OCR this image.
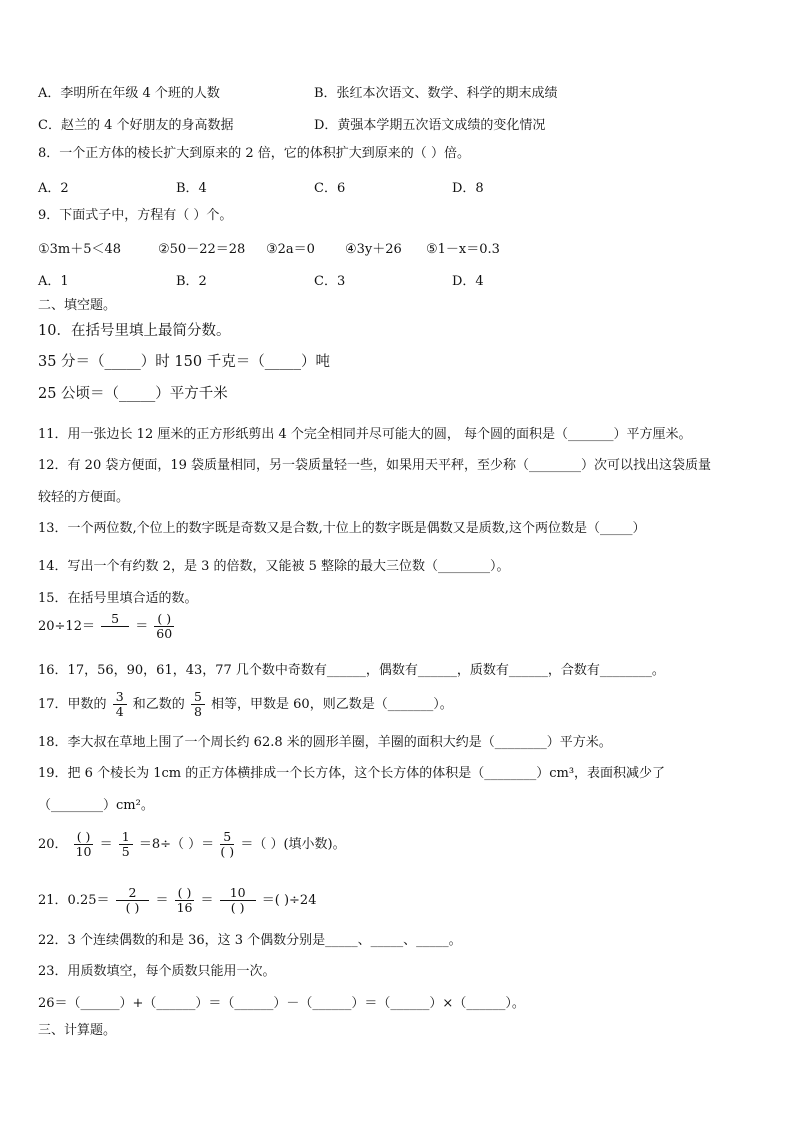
A．李明所在年级 4 个班的人数	B．张红本次语文、数学、科学的期末成绩
C．赵兰的 4 个好朋友的身高数据	D．黄强本学期五次语文成绩的变化情况
8．一个正方体的棱长扩大到原来的 2 倍，它的体积扩大到原来的（ ）倍。
A．2	B．4	C．6	D．8
9．下面式子中，方程有（ ）个。
①3m＋5＜48	②50－22＝28 ③2a＝0 ④3y＋26 ⑤1－x＝0.3
A．1	B．2	C．3	D．4
二、填空题。
10．在括号里填上最简分数。
35 分＝（_____）时 150 千克＝（_____）吨
25 公顷＝（_____）平方千米
11．用一张边长 12 厘米的正方形纸剪出 4 个完全相同并尽可能大的圆， 每个圆的面积是（_______）平方厘米。
12．有 20 袋方便面，19 袋质量相同，另一袋质量轻一些，如果用天平秤，至少称（________）次可以找出这袋质量
较轻的方便面。
13．一个两位数,个位上的数字既是奇数又是合数,十位上的数字既是偶数又是质数,这个两位数是（_____）
14．写出一个有约数 2，是 3 的倍数，又能被 5 整除的最大三位数（________）。
15．在括号里填合适的数。
20÷12＝
5

＝ $\frac{( )}{60}$
16．17，56，90，61，43，77 几个数中奇数有______，偶数有______，质数有______，合数有________。
17．甲数的 $\frac{3}{4}$ 和乙数的 $\frac{5}{8}$ 相等，甲数是 60，则乙数是（_______）。
18．李大叔在草地上围了一个周长约 62.8 米的圆形羊圈，羊圈的面积大约是（________）平方米。
19．把 6 个棱长为 1cm 的正方体横排成一个长方体，这个长方体的体积是（________）cm³，表面积减少了
（________）cm²。
20． $\frac{( )}{10} = \frac{1}{5} =8\div$（ ）＝ $\frac{5}{( )}$ ＝（ ）(填小数)。
21．$0.25= \frac{2}{( )} = \frac{( )}{16} = \frac{10}{( )}$ ＝( )÷24
22．3 个连续偶数的和是 36，这 3 个偶数分别是_____、_____、_____。
23．用质数填空，每个质数只能用一次。
26＝（______）+（______）＝（______）－（______）＝（______）×（______）。
三、计算题。
